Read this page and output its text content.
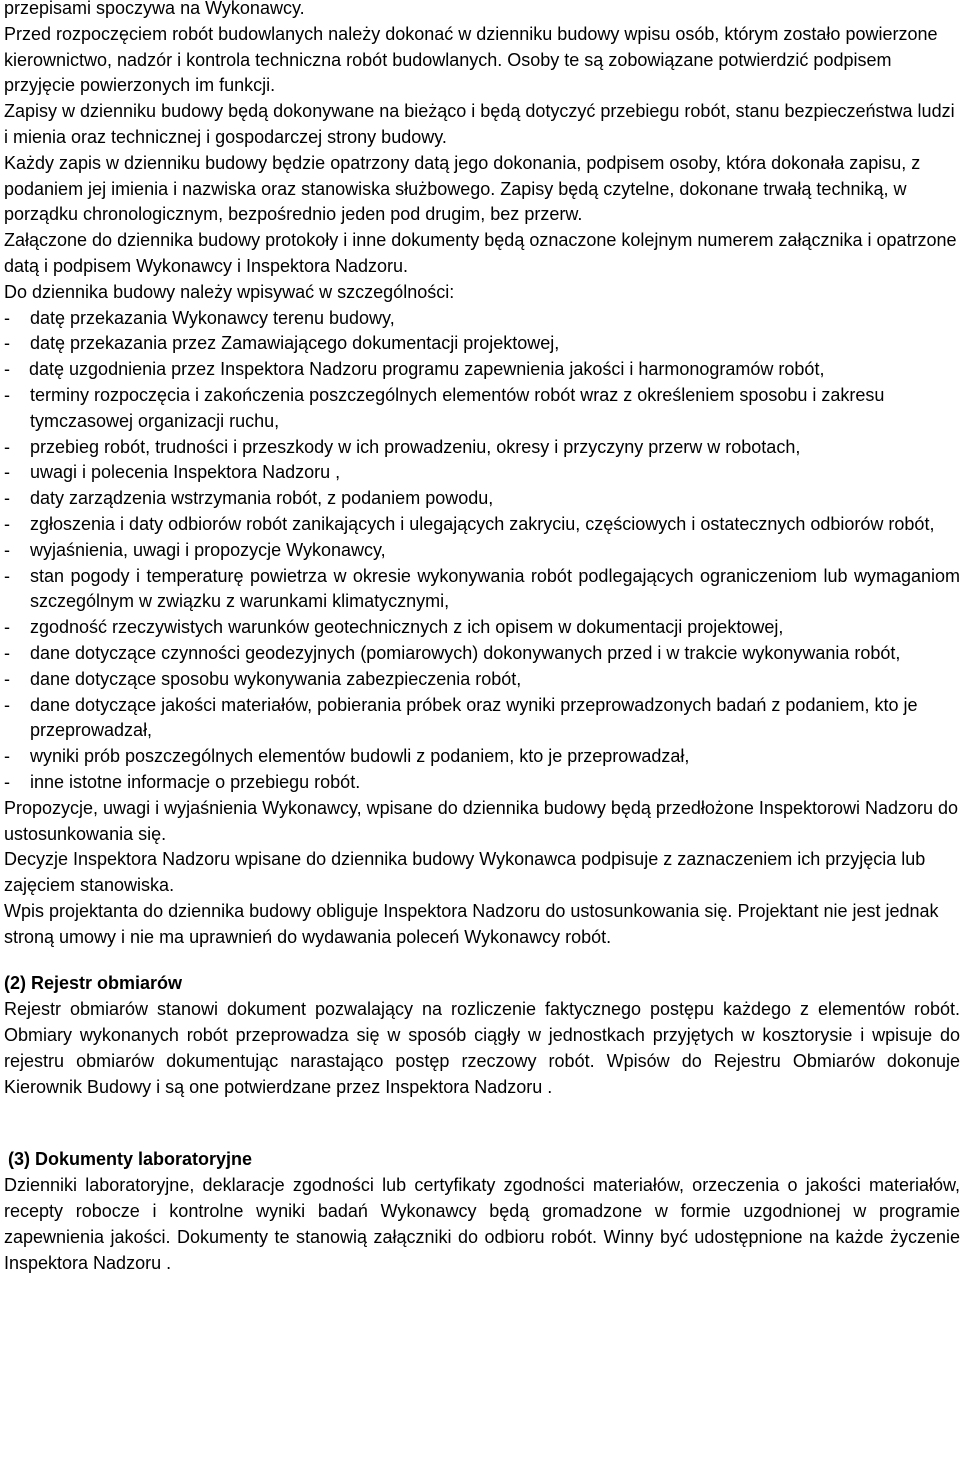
przepisami spoczywa na Wykonawcy.

Przed rozpoczęciem robót budowlanych należy dokonać w dzienniku budowy wpisu osób, którym zostało powierzone kierownictwo, nadzór i kontrola techniczna robót budowlanych. Osoby te są zobowiązane potwierdzić podpisem przyjęcie powierzonych im funkcji.

Zapisy w dzienniku budowy będą dokonywane na bieżąco i będą dotyczyć przebiegu robót, stanu bezpieczeństwa ludzi i mienia oraz technicznej i gospodarczej strony budowy.

Każdy zapis w dzienniku budowy będzie opatrzony datą jego dokonania, podpisem osoby, która dokonała zapisu, z podaniem jej imienia i nazwiska oraz stanowiska służbowego. Zapisy będą czytelne, dokonane trwałą techniką, w porządku chronologicznym, bezpośrednio jeden pod drugim, bez przerw.

Załączone do dziennika budowy protokoły i inne dokumenty będą oznaczone kolejnym numerem załącznika i opatrzone datą i podpisem Wykonawcy i Inspektora Nadzoru.

Do dziennika budowy należy wpisywać w szczególności:

- datę przekazania Wykonawcy terenu budowy,
- datę przekazania przez Zamawiającego dokumentacji projektowej,
- datę uzgodnienia przez Inspektora Nadzoru programu zapewnienia jakości i harmonogramów robót,
- terminy rozpoczęcia i zakończenia poszczególnych elementów robót wraz z określeniem sposobu i zakresu tymczasowej organizacji ruchu,
- przebieg robót, trudności i przeszkody w ich prowadzeniu, okresy i przyczyny przerw w robotach,
- uwagi i polecenia Inspektora Nadzoru ,
- daty zarządzenia wstrzymania robót, z podaniem powodu,
- zgłoszenia i daty odbiorów robót zanikających i ulegających zakryciu, częściowych i ostatecznych odbiorów robót,
- wyjaśnienia, uwagi i propozycje Wykonawcy,
- stan pogody i temperaturę powietrza w okresie wykonywania robót podlegających ograniczeniom lub wymaganiom szczególnym w związku z warunkami klimatycznymi,
- zgodność rzeczywistych warunków geotechnicznych z ich opisem w dokumentacji projektowej,
- dane dotyczące czynności geodezyjnych (pomiarowych) dokonywanych przed i w trakcie wykonywania robót,
- dane dotyczące sposobu wykonywania zabezpieczenia robót,
- dane dotyczące jakości materiałów, pobierania próbek oraz wyniki przeprowadzonych badań z podaniem, kto je przeprowadzał,
- wyniki prób poszczególnych elementów budowli z podaniem, kto je przeprowadzał,
- inne istotne informacje o przebiegu robót.

Propozycje, uwagi i wyjaśnienia Wykonawcy, wpisane do dziennika budowy będą przedłożone Inspektorowi Nadzoru do ustosunkowania się.

Decyzje Inspektora Nadzoru wpisane do dziennika budowy Wykonawca podpisuje z zaznaczeniem ich przyjęcia lub zajęciem stanowiska.

Wpis projektanta do dziennika budowy obliguje Inspektora Nadzoru do ustosunkowania się. Projektant nie jest jednak stroną umowy i nie ma uprawnień do wydawania poleceń Wykonawcy robót.

(2) Rejestr obmiarów

Rejestr obmiarów stanowi dokument pozwalający na rozliczenie faktycznego postępu każdego z elementów robót. Obmiary wykonanych robót przeprowadza się w sposób ciągły w jednostkach przyjętych w kosztorysie i wpisuje do rejestru obmiarów dokumentując narastająco postęp rzeczowy robót. Wpisów do Rejestru Obmiarów dokonuje Kierownik Budowy i są one potwierdzane przez Inspektora Nadzoru .

(3) Dokumenty laboratoryjne

Dzienniki laboratoryjne, deklaracje zgodności lub certyfikaty zgodności materiałów, orzeczenia o jakości materiałów, recepty robocze i kontrolne wyniki badań Wykonawcy będą gromadzone w formie uzgodnionej w programie zapewnienia jakości. Dokumenty te stanowią załączniki do odbioru robót. Winny być udostępnione na każde życzenie Inspektora Nadzoru .
